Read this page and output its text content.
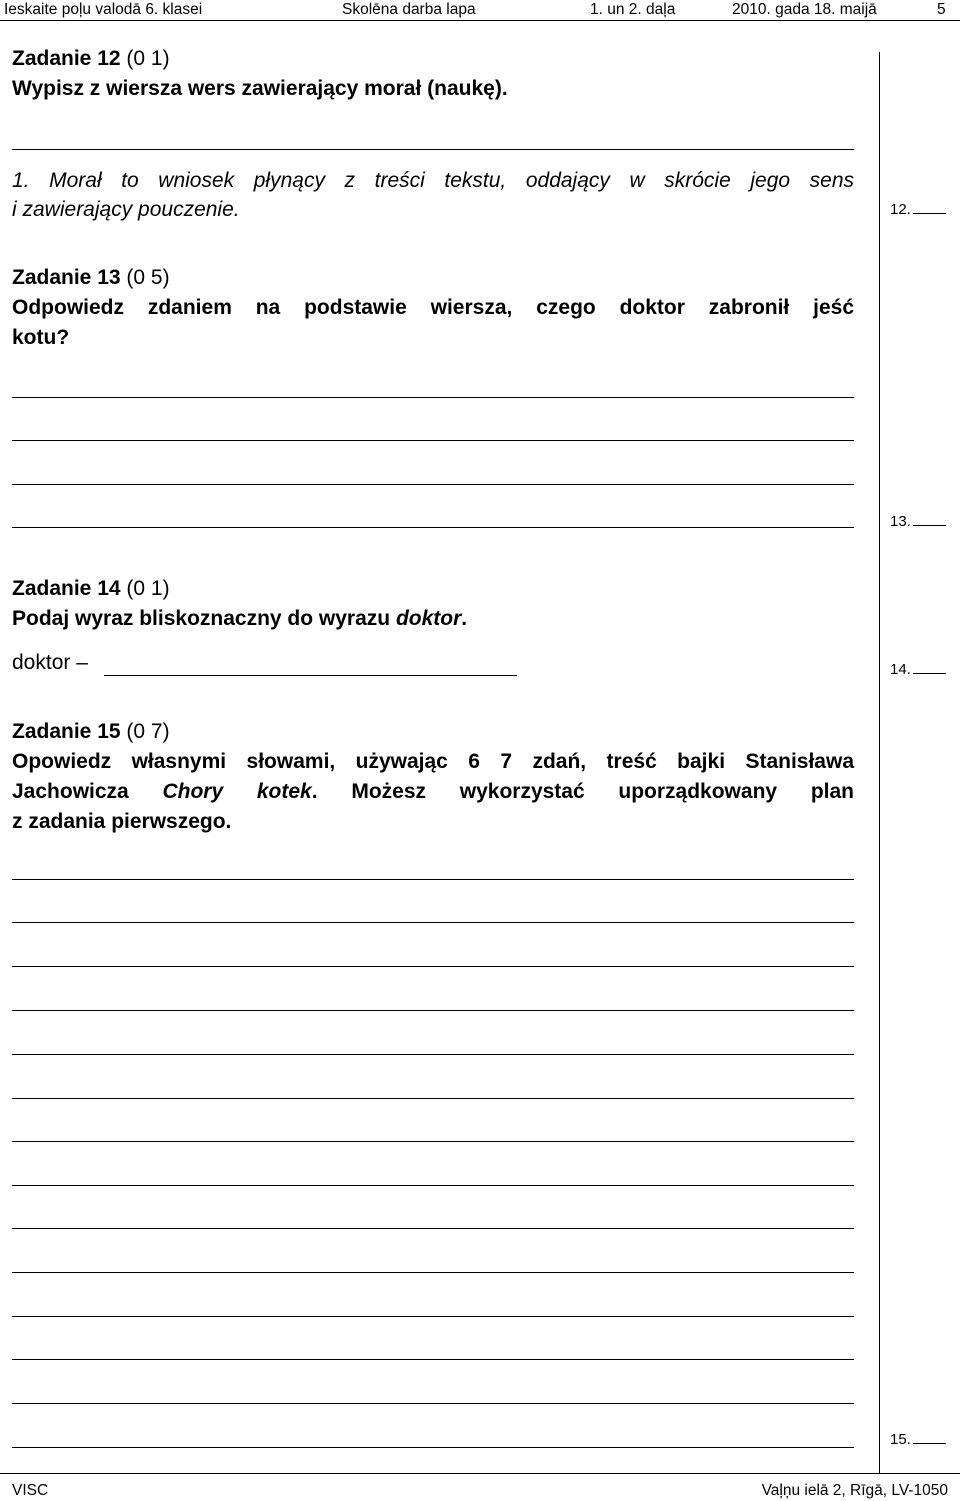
Ieskaite poļu valodā 6. klasei	Skolēna darba lapa	1. un 2. daļa	2010. gada 18. maijā	5
Zadanie 12 (0 1)
Wypisz z wiersza wers zawierający morał (naukę).
1. Morał to wniosek płynący z treści tekstu, oddający w skrócie jego sens
i zawierający pouczenie.	12.
Zadanie 13 (0 5)
Odpowiedz zdaniem na podstawie wiersza, czego doktor zabronił jeść
kotu?
13.
Zadanie 14 (0 1)
Podaj wyraz bliskoznaczny do wyrazu doktor.
doktor –	14.
Zadanie 15 (0 7)
Opowiedz własnymi słowami, używając 6 7 zdań, treść bajki Stanisława
Jachowicza Chory kotek. Możesz wykorzystać uporządkowany plan
z zadania pierwszego.
15.
VISC	Vaļņu ielā 2, Rīgā, LV-1050
